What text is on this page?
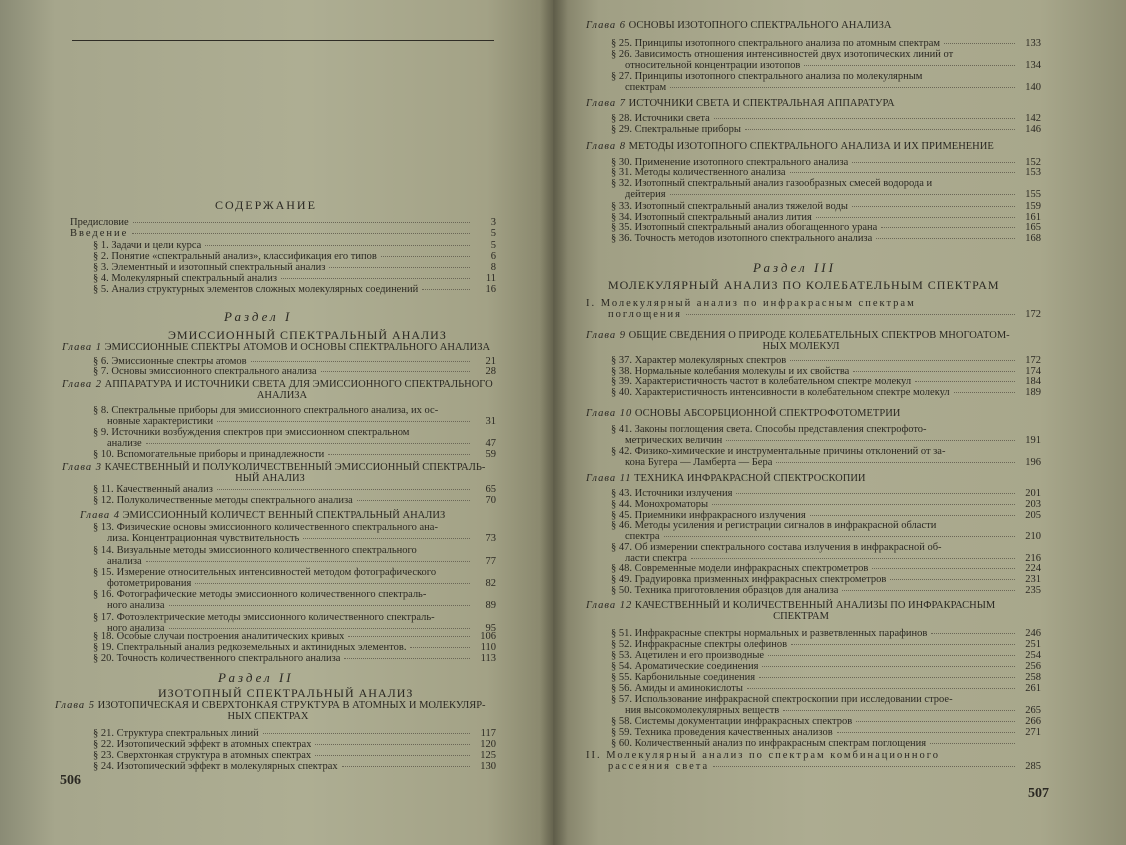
СОДЕРЖАНИЕ
Предисловие	3
Введение	5
§ 1. Задачи и цели курса	5
§ 2. Понятие «спектральный анализ», классификация его типов	6
§ 3. Элементный и изотопный спектральный анализ	8
§ 4. Молекулярный спектральный анализ	11
§ 5. Анализ структурных элементов сложных молекулярных соединений	16
Раздел I
ЭМИССИОННЫЙ СПЕКТРАЛЬНЫЙ АНАЛИЗ
Глава 1 ЭМИССИОННЫЕ СПЕКТРЫ АТОМОВ И ОСНОВЫ СПЕКТРАЛЬНОГО АНАЛИЗА
§ 6. Эмиссионные спектры атомов	21
§ 7. Основы эмиссионного спектрального анализа	28
Глава 2 АППАРАТУРА И ИСТОЧНИКИ СВЕТА ДЛЯ ЭМИССИОННОГО СПЕКТРАЛЬНОГО
АНАЛИЗА
§ 8. Спектральные приборы для эмиссионного спектрального анализа, их ос-
новные характеристики	31
§ 9. Источники возбуждения спектров при эмиссионном спектральном
анализе	47
§ 10. Вспомогательные приборы и принадлежности	59
Глава 3 КАЧЕСТВЕННЫЙ И ПОЛУКОЛИЧЕСТВЕННЫЙ ЭМИССИОННЫЙ СПЕКТРАЛЬ-
НЫЙ АНАЛИЗ
§ 11. Качественный анализ	65
§ 12. Полуколичественные методы спектрального анализа	70
Глава 4 ЭМИССИОННЫЙ КОЛИЧЕСТ ВЕННЫЙ СПЕКТРАЛЬНЫЙ АНАЛИЗ
§ 13. Физические основы эмиссионного количественного спектрального ана-
лиза. Концентрационная чувствительность	73
§ 14. Визуальные методы эмиссионного количественного спектрального
анализа	77
§ 15. Измерение относительных интенсивностей методом фотографического
фотометрирования	82
§ 16. Фотографические методы эмиссионного количественного спектраль-
ного анализа	89
§ 17. Фотоэлектрические методы эмиссионного количественного спектраль-
ного анализа	95
§ 18. Особые случаи построения аналитических кривых	106
§ 19. Спектральный анализ редкоземельных и актинидных элементов.	110
§ 20. Точность количественного спектрального анализа	113
Раздел II
ИЗОТОПНЫЙ СПЕКТРАЛЬНЫЙ АНАЛИЗ
Глава 5 ИЗОТОПИЧЕСКАЯ И СВЕРХТОНКАЯ СТРУКТУРА В АТОМНЫХ И МОЛЕКУЛЯР-
НЫХ СПЕКТРАХ
§ 21. Структура спектральных линий	117
§ 22. Изотопический эффект в атомных спектрах	120
§ 23. Сверхтонкая структура в атомных спектрах	125
§ 24. Изотопический эффект в молекулярных спектрах	130
506
Глава 6 ОСНОВЫ ИЗОТОПНОГО СПЕКТРАЛЬНОГО АНАЛИЗА
§ 25. Принципы изотопного спектрального анализа по атомным спектрам	133
§ 26. Зависимость отношения интенсивностей двух изотопических линий от
относительной концентрации изотопов	134
§ 27. Принципы изотопного спектрального анализа по молекулярным
спектрам	140
Глава 7 ИСТОЧНИКИ СВЕТА И СПЕКТРАЛЬНАЯ АППАРАТУРА
§ 28. Источники света	142
§ 29. Спектральные приборы	146
Глава 8 МЕТОДЫ ИЗОТОПНОГО СПЕКТРАЛЬНОГО АНАЛИЗА И ИХ ПРИМЕНЕНИЕ
§ 30. Применение изотопного спектрального анализа	152
§ 31. Методы количественного анализа	153
§ 32. Изотопный спектральный анализ газообразных смесей водорода и
дейтерия	155
§ 33. Изотопный спектральный анализ тяжелой воды	159
§ 34. Изотопный спектральный анализ лития	161
§ 35. Изотопный спектральный анализ обогащенного урана	165
§ 36. Точность методов изотопного спектрального анализа	168
Раздел III
МОЛЕКУЛЯРНЫЙ АНАЛИЗ ПО КОЛЕБАТЕЛЬНЫМ СПЕКТРАМ
I. Молекулярный анализ по инфракрасным спектрам
поглощения	172
Глава 9 ОБЩИЕ СВЕДЕНИЯ О ПРИРОДЕ КОЛЕБАТЕЛЬНЫХ СПЕКТРОВ МНОГОАТОМ-
НЫХ МОЛЕКУЛ
§ 37. Характер молекулярных спектров	172
§ 38. Нормальные колебания молекулы и их свойства	174
§ 39. Характеристичность частот в колебательном спектре молекул	184
§ 40. Характеристичность интенсивности в колебательном спектре молекул	189
Глава 10 ОСНОВЫ АБСОРБЦИОННОЙ СПЕКТРОФОТОМЕТРИИ
§ 41. Законы поглощения света. Способы представления спектрофото-
метрических величин	191
§ 42. Физико-химические и инструментальные причины отклонений от за-
кона Бугера — Ламберта — Бера	196
Глава 11 ТЕХНИКА ИНФРАКРАСНОЙ СПЕКТРОСКОПИИ
§ 43. Источники излучения	201
§ 44. Монохроматоры	203
§ 45. Приемники инфракрасного излучения	205
§ 46. Методы усиления и регистрации сигналов в инфракрасной области
спектра	210
§ 47. Об измерении спектрального состава излучения в инфракрасной об-
ласти спектра	216
§ 48. Современные модели инфракрасных спектрометров	224
§ 49. Градуировка призменных инфракрасных спектрометров	231
§ 50. Техника приготовления образцов для анализа	235
Глава 12 КАЧЕСТВЕННЫЙ И КОЛИЧЕСТВЕННЫЙ АНАЛИЗЫ ПО ИНФРАКРАСНЫМ
СПЕКТРАМ
§ 51. Инфракрасные спектры нормальных и разветвленных парафинов	246
§ 52. Инфракрасные спектры олефинов	251
§ 53. Ацетилен и его производные	254
§ 54. Ароматические соединения	256
§ 55. Карбонильные соединения	258
§ 56. Амиды и аминокислоты	261
§ 57. Использование инфракрасной спектроскопии при исследовании строе-
ния высокомолекулярных веществ	265
§ 58. Системы документации инфракрасных спектров	266
§ 59. Техника проведения качественных анализов	271
§ 60. Количественный анализ по инфракрасным спектрам поглощения
II. Молекулярный анализ по спектрам комбинационного
рассеяния света	285
507
